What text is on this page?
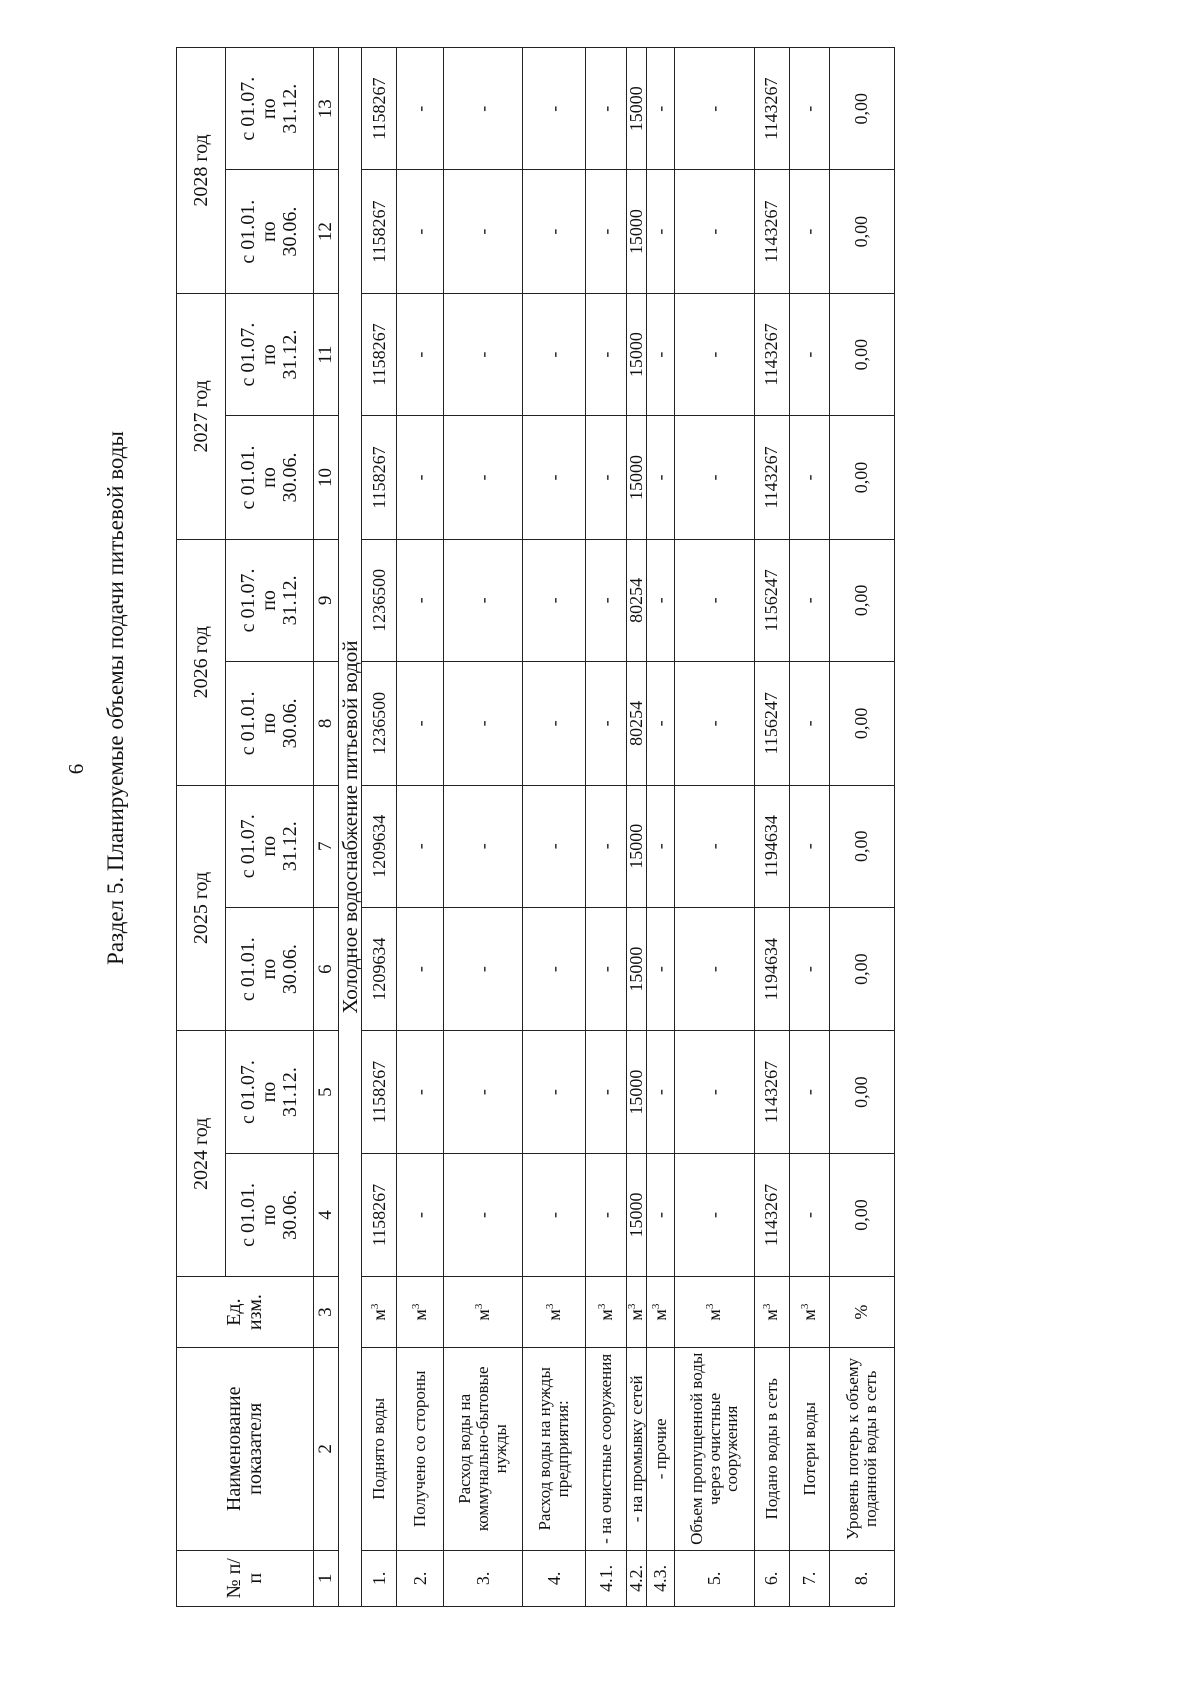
6 Раздел 5. Планируемые объемы подачи питьевой воды
№ п/п	Наименование показателя	Ед. изм.	2024 год		2025 год		2026 год		2027 год		2028 год	
			с 01.01.
по
30.06.	с 01.07.
по
31.12.	с 01.01.
по
30.06.	с 01.07.
по
31.12.	с 01.01.
по
30.06.	с 01.07.
по
31.12.	с 01.01.
по
30.06.	с 01.07.
по
31.12.	с 01.01.
по
30.06.	с 01.07.
по
31.12.
1	2	3	4	5	6	7	8	9	10	11	12	13
Холодное водоснабжение питьевой водой												
1.	Поднято воды	$м^3$	1158267	1158267	1209634	1209634	1236500	1236500	1158267	1158267	1158267	1158267
2.	Получено со стороны	$м^3$	-	-	-	-	-	-	-	-	-	-
3.	Расход воды на коммунально-бытовые нужды	$м^3$	-	-	-	-	-	-	-	-	-	-
4.	Расход воды на нужды предприятия:	$м^3$	-	-	-	-	-	-	-	-	-	-
4.1.	- на очистные сооружения	$м^3$	-	-	-	-	-	-	-	-	-	-
4.2.	- на промывку сетей	$м^3$	15000	15000	15000	15000	80254	80254	15000	15000	15000	15000
4.3.	- прочие	$м^3$	-	-	-	-	-	-	-	-	-	-
5.	Объем пропущенной воды через очистные сооружения	$м^3$	-	-	-	-	-	-	-	-	-	-
6.	Подано воды в сеть	$м^3$	1143267	1143267	1194634	1194634	1156247	1156247	1143267	1143267	1143267	1143267
7.	Потери воды	$м^3$	-	-	-	-	-	-	-	-	-	-
8.	Уровень потерь к объему поданной воды в сеть	%	0,00	0,00	0,00	0,00	0,00	0,00	0,00	0,00	0,00	0,00
